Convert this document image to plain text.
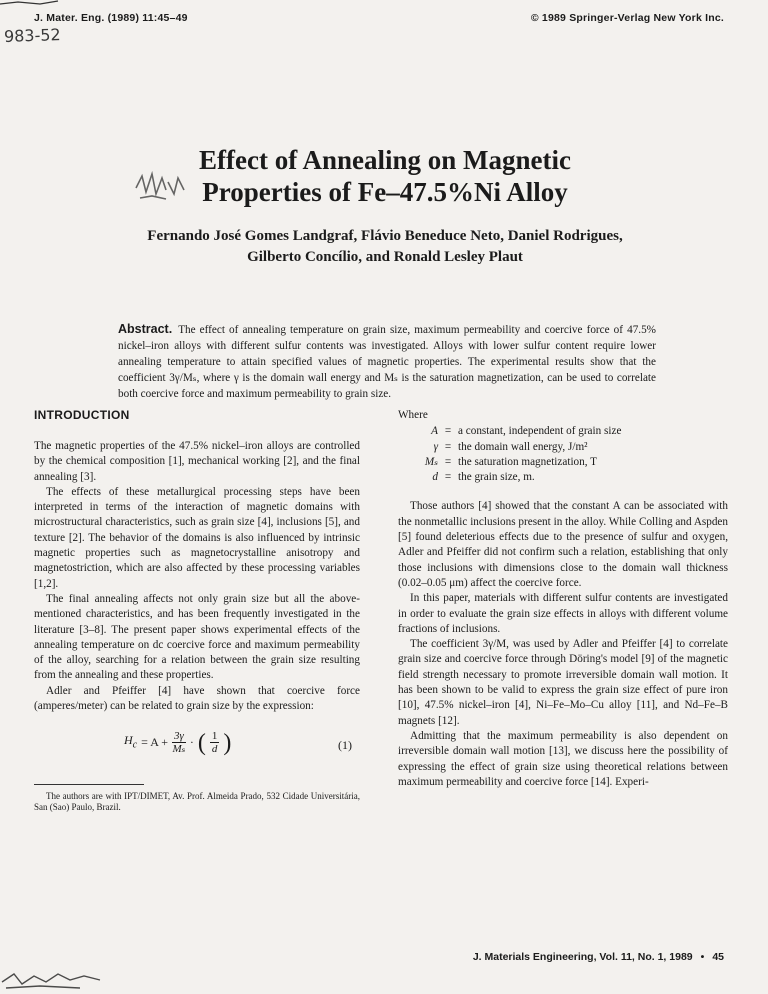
J. Mater. Eng. (1989) 11:45–49	© 1989 Springer-Verlag New York Inc.
983-52
Effect of Annealing on Magnetic Properties of Fe–47.5%Ni Alloy

Fernando José Gomes Landgraf, Flávio Beneduce Neto, Daniel Rodrigues, Gilberto Concílio, and Ronald Lesley Plaut

Abstract. The effect of annealing temperature on grain size, maximum permeability and coercive force of 47.5% nickel–iron alloys with different sulfur contents was investigated. Alloys with lower sulfur content require lower annealing temperature to attain specified values of magnetic properties. The experimental results show that the coefficient 3γ/Mₛ, where γ is the domain wall energy and Mₛ is the saturation magnetization, can be used to correlate both coercive force and maximum permeability to grain size.

INTRODUCTION

The magnetic properties of the 47.5% nickel–iron alloys are controlled by the chemical composition [1], mechanical working [2], and the final annealing [3].

The effects of these metallurgical processing steps have been interpreted in terms of the interaction of magnetic domains with microstructural characteristics, such as grain size [4], inclusions [5], and texture [2]. The behavior of the domains is also influenced by intrinsic magnetic properties such as magnetocrystalline anisotropy and magnetostriction, which are also affected by these processing variables [1,2].

The final annealing affects not only grain size but all the above-mentioned characteristics, and has been frequently investigated in the literature [3–8]. The present paper shows experimental effects of the annealing temperature on dc coercive force and maximum permeability of the alloy, searching for a relation between the grain size resulting from the annealing and these properties.

Adler and Pfeiffer [4] have shown that coercive force (amperes/meter) can be related to grain size by the expression:

$H_c = A + \frac{3\gamma}{\text{Mₛ}}$ · ( $\frac{1}{d}$ )	(1)

The authors are with IPT/DIMET, Av. Prof. Almeida Prado, 532 Cidade Universitária, San (Sao) Paulo, Brazil.

Where
A = a constant, independent of grain size
γ = the domain wall energy, J/m²
Mₛ = the saturation magnetization, T
d = the grain size, m.

Those authors [4] showed that the constant A can be associated with the nonmetallic inclusions present in the alloy. While Colling and Aspden [5] found deleterious effects due to the presence of sulfur and oxygen, Adler and Pfeiffer did not confirm such a relation, establishing that only those inclusions with dimensions close to the domain wall thickness (0.02–0.05 μm) affect the coercive force.

In this paper, materials with different sulfur contents are investigated in order to evaluate the grain size effects in alloys with different volume fractions of inclusions.

The coefficient 3γ/M, was used by Adler and Pfeiffer [4] to correlate grain size and coercive force through Döring's model [9] of the magnetic field strength necessary to promote irreversible domain wall motion. It has been shown to be valid to express the grain size effect of pure iron [10], 47.5% nickel–iron [4], Ni–Fe–Mo–Cu alloy [11], and Nd–Fe–B magnets [12].

Admitting that the maximum permeability is also dependent on irreversible domain wall motion [13], we discuss here the possibility of expressing the effect of grain size using theoretical relations between maximum permeability and coercive force [14]. Experi-

J. Materials Engineering, Vol. 11, No. 1, 1989 • 45
